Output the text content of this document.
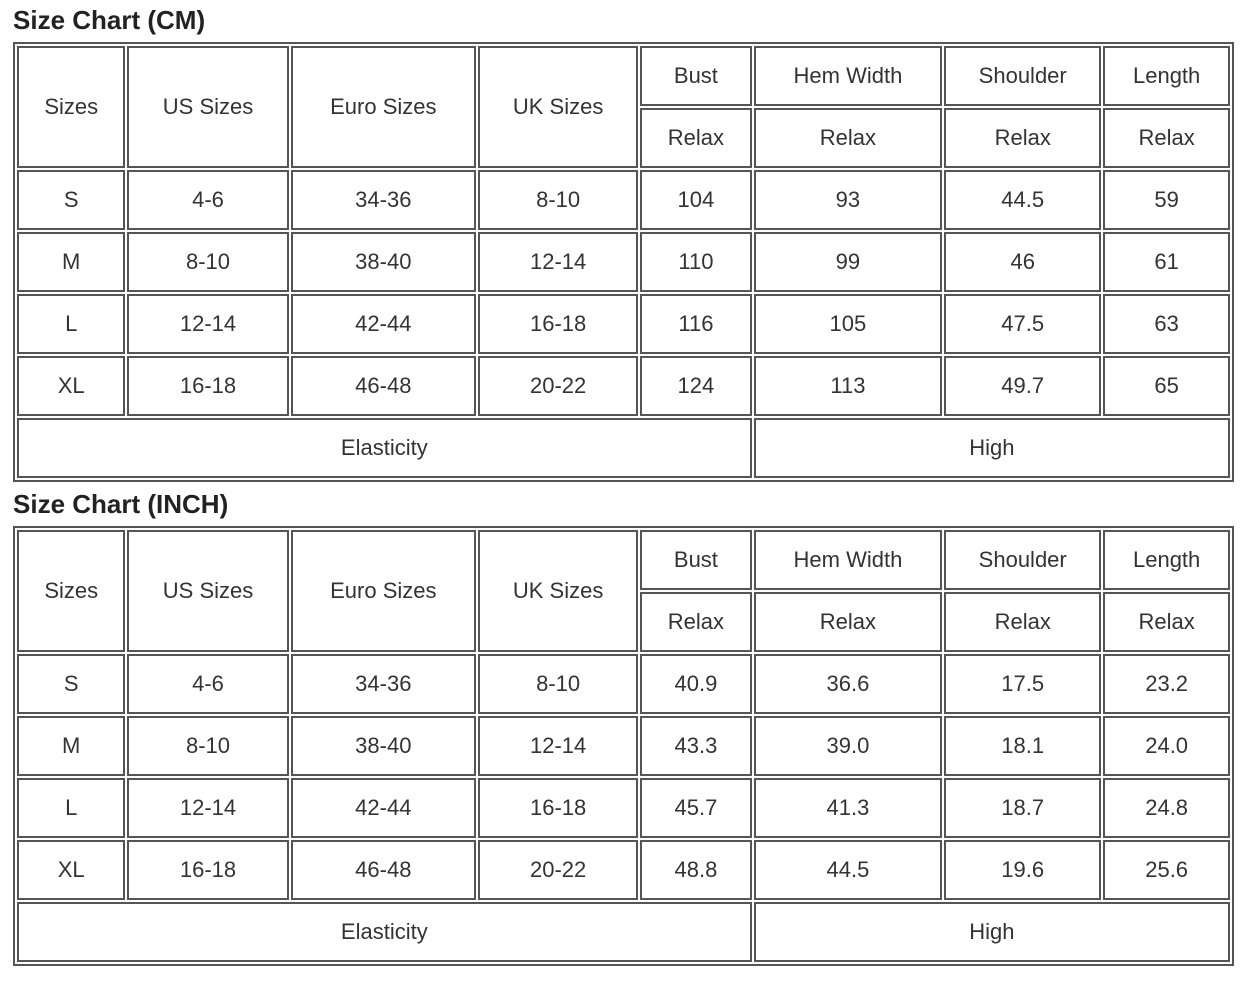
Size Chart (CM)
Sizes	US Sizes	Euro Sizes	UK Sizes	Bust	Hem Width	Shoulder	Length
				Relax	Relax	Relax	Relax
S	4-6	34-36	8-10	104	93	44.5	59
M	8-10	38-40	12-14	110	99	46	61
L	12-14	42-44	16-18	116	105	47.5	63
XL	16-18	46-48	20-22	124	113	49.7	65
Elasticity					High		
Size Chart (INCH)
Sizes	US Sizes	Euro Sizes	UK Sizes	Bust	Hem Width	Shoulder	Length
				Relax	Relax	Relax	Relax
S	4-6	34-36	8-10	40.9	36.6	17.5	23.2
M	8-10	38-40	12-14	43.3	39.0	18.1	24.0
L	12-14	42-44	16-18	45.7	41.3	18.7	24.8
XL	16-18	46-48	20-22	48.8	44.5	19.6	25.6
Elasticity					High		
